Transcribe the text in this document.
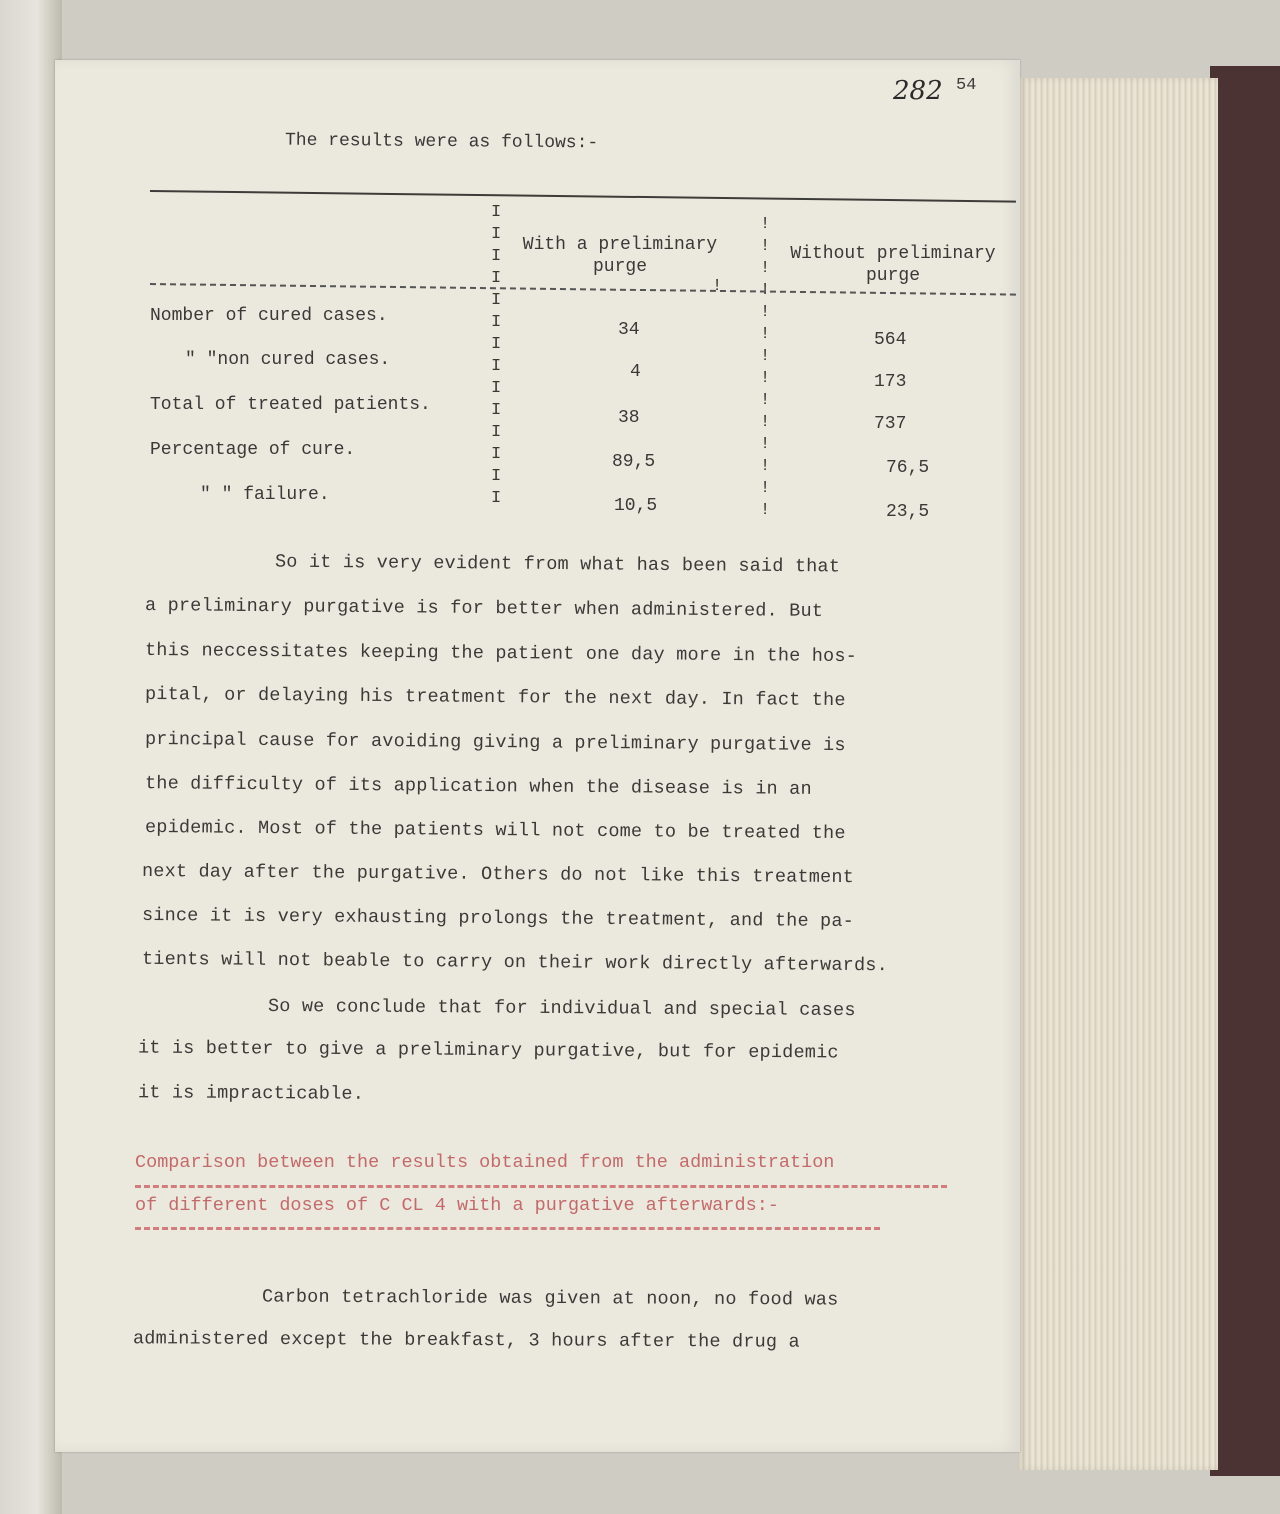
282 54
The results were as follows:-
I
I
I
I
I
I
I
I
I
I
I
I
I
I
!
!
!
!
!
!
!
!
!
!
!
!
!
!
!
With a preliminary purge
Without preliminary purge
Nomber of cured cases.
" "non cured cases.
Total of treated patients.
Percentage of cure.
" " failure.
34
4
38
89,5
10,5
564
173
737
76,5
23,5
So it is very evident from what has been said that
a preliminary purgative is for better when administered. But
this neccessitates keeping the patient one day more in the hos-
pital, or delaying his treatment for the next day. In fact the
principal cause for avoiding giving a preliminary purgative is
the difficulty of its application when the disease is in an
epidemic. Most of the patients will not come to be treated the
next day after the purgative. Others do not like this treatment
since it is very exhausting prolongs the treatment, and the pa-
tients will not beable to carry on their work directly afterwards.
So we conclude that for individual and special cases
it is better to give a preliminary purgative, but for epidemic
it is impracticable.
Comparison between the results obtained from the administration
of different doses of C CL 4 with a purgative afterwards:-
Carbon tetrachloride was given at noon, no food was
administered except the breakfast, 3 hours after the drug a
